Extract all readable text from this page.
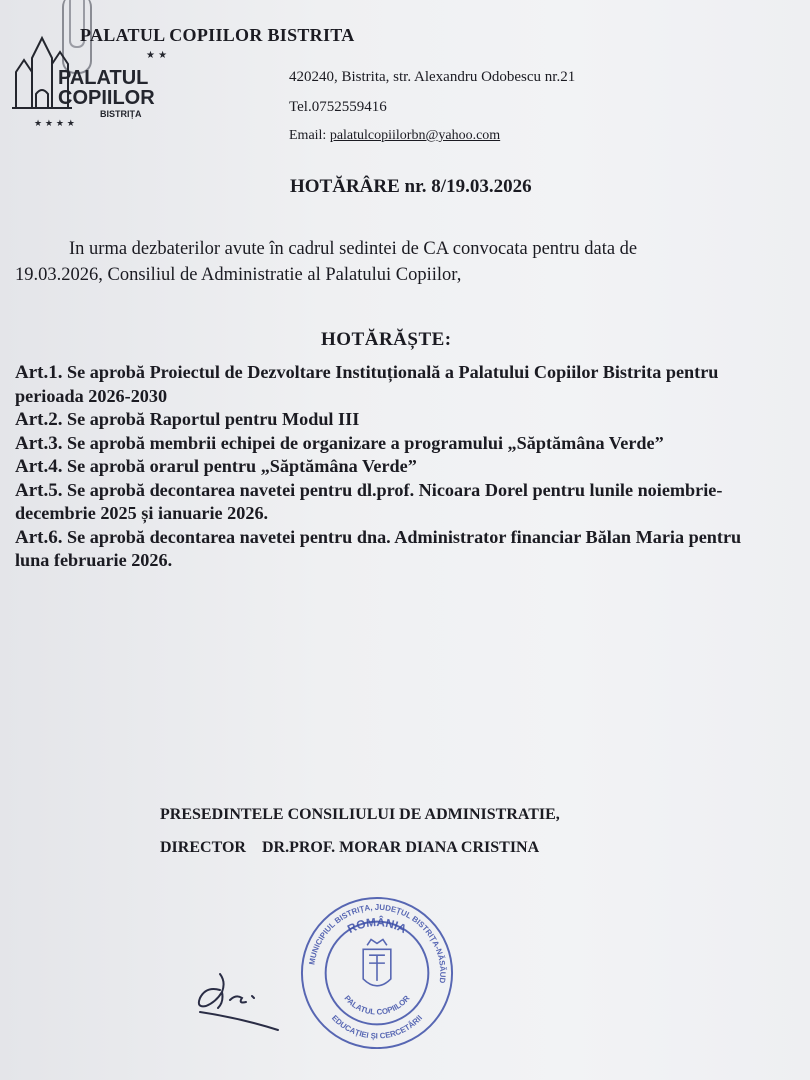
PALATUL
COPIILOR
BISTRIȚA
★ ★
★ ★ ★ ★
PALATUL COPIILOR BISTRITA
420240, Bistrita, str. Alexandru Odobescu nr.21
Tel.0752559416
Email: palatulcopiilorbn@yahoo.com
HOTĂRÂRE nr. 8/19.03.2026
In urma dezbaterilor avute în cadrul sedintei de CA convocata pentru data de
19.03.2026, Consiliul de Administratie al Palatului Copiilor,
HOTĂRĂȘTE:
Art.1. Se aprobă Proiectul de Dezvoltare Instituțională a Palatului Copiilor Bistrita pentru perioada 2026-2030
Art.2. Se aprobă Raportul pentru Modul III
Art.3. Se aprobă membrii echipei de organizare a programului „Săptămâna Verde”
Art.4. Se aprobă orarul pentru „Săptămâna Verde”
Art.5. Se aprobă decontarea navetei pentru dl.prof. Nicoara Dorel pentru lunile noiembrie-decembrie 2025 și ianuarie 2026.
Art.6. Se aprobă decontarea navetei pentru dna. Administrator financiar Bălan Maria pentru luna februarie 2026.
PRESEDINTELE CONSILIULUI DE ADMINISTRATIE,
DIRECTOR DR.PROF. MORAR DIANA CRISTINA
ROMÂNIA
MUNICIPIUL BISTRIȚA, JUDEȚUL BISTRIȚA-NĂSĂUD
PALATUL COPIILOR
EDUCAȚIEI ȘI CERCETĂRII
